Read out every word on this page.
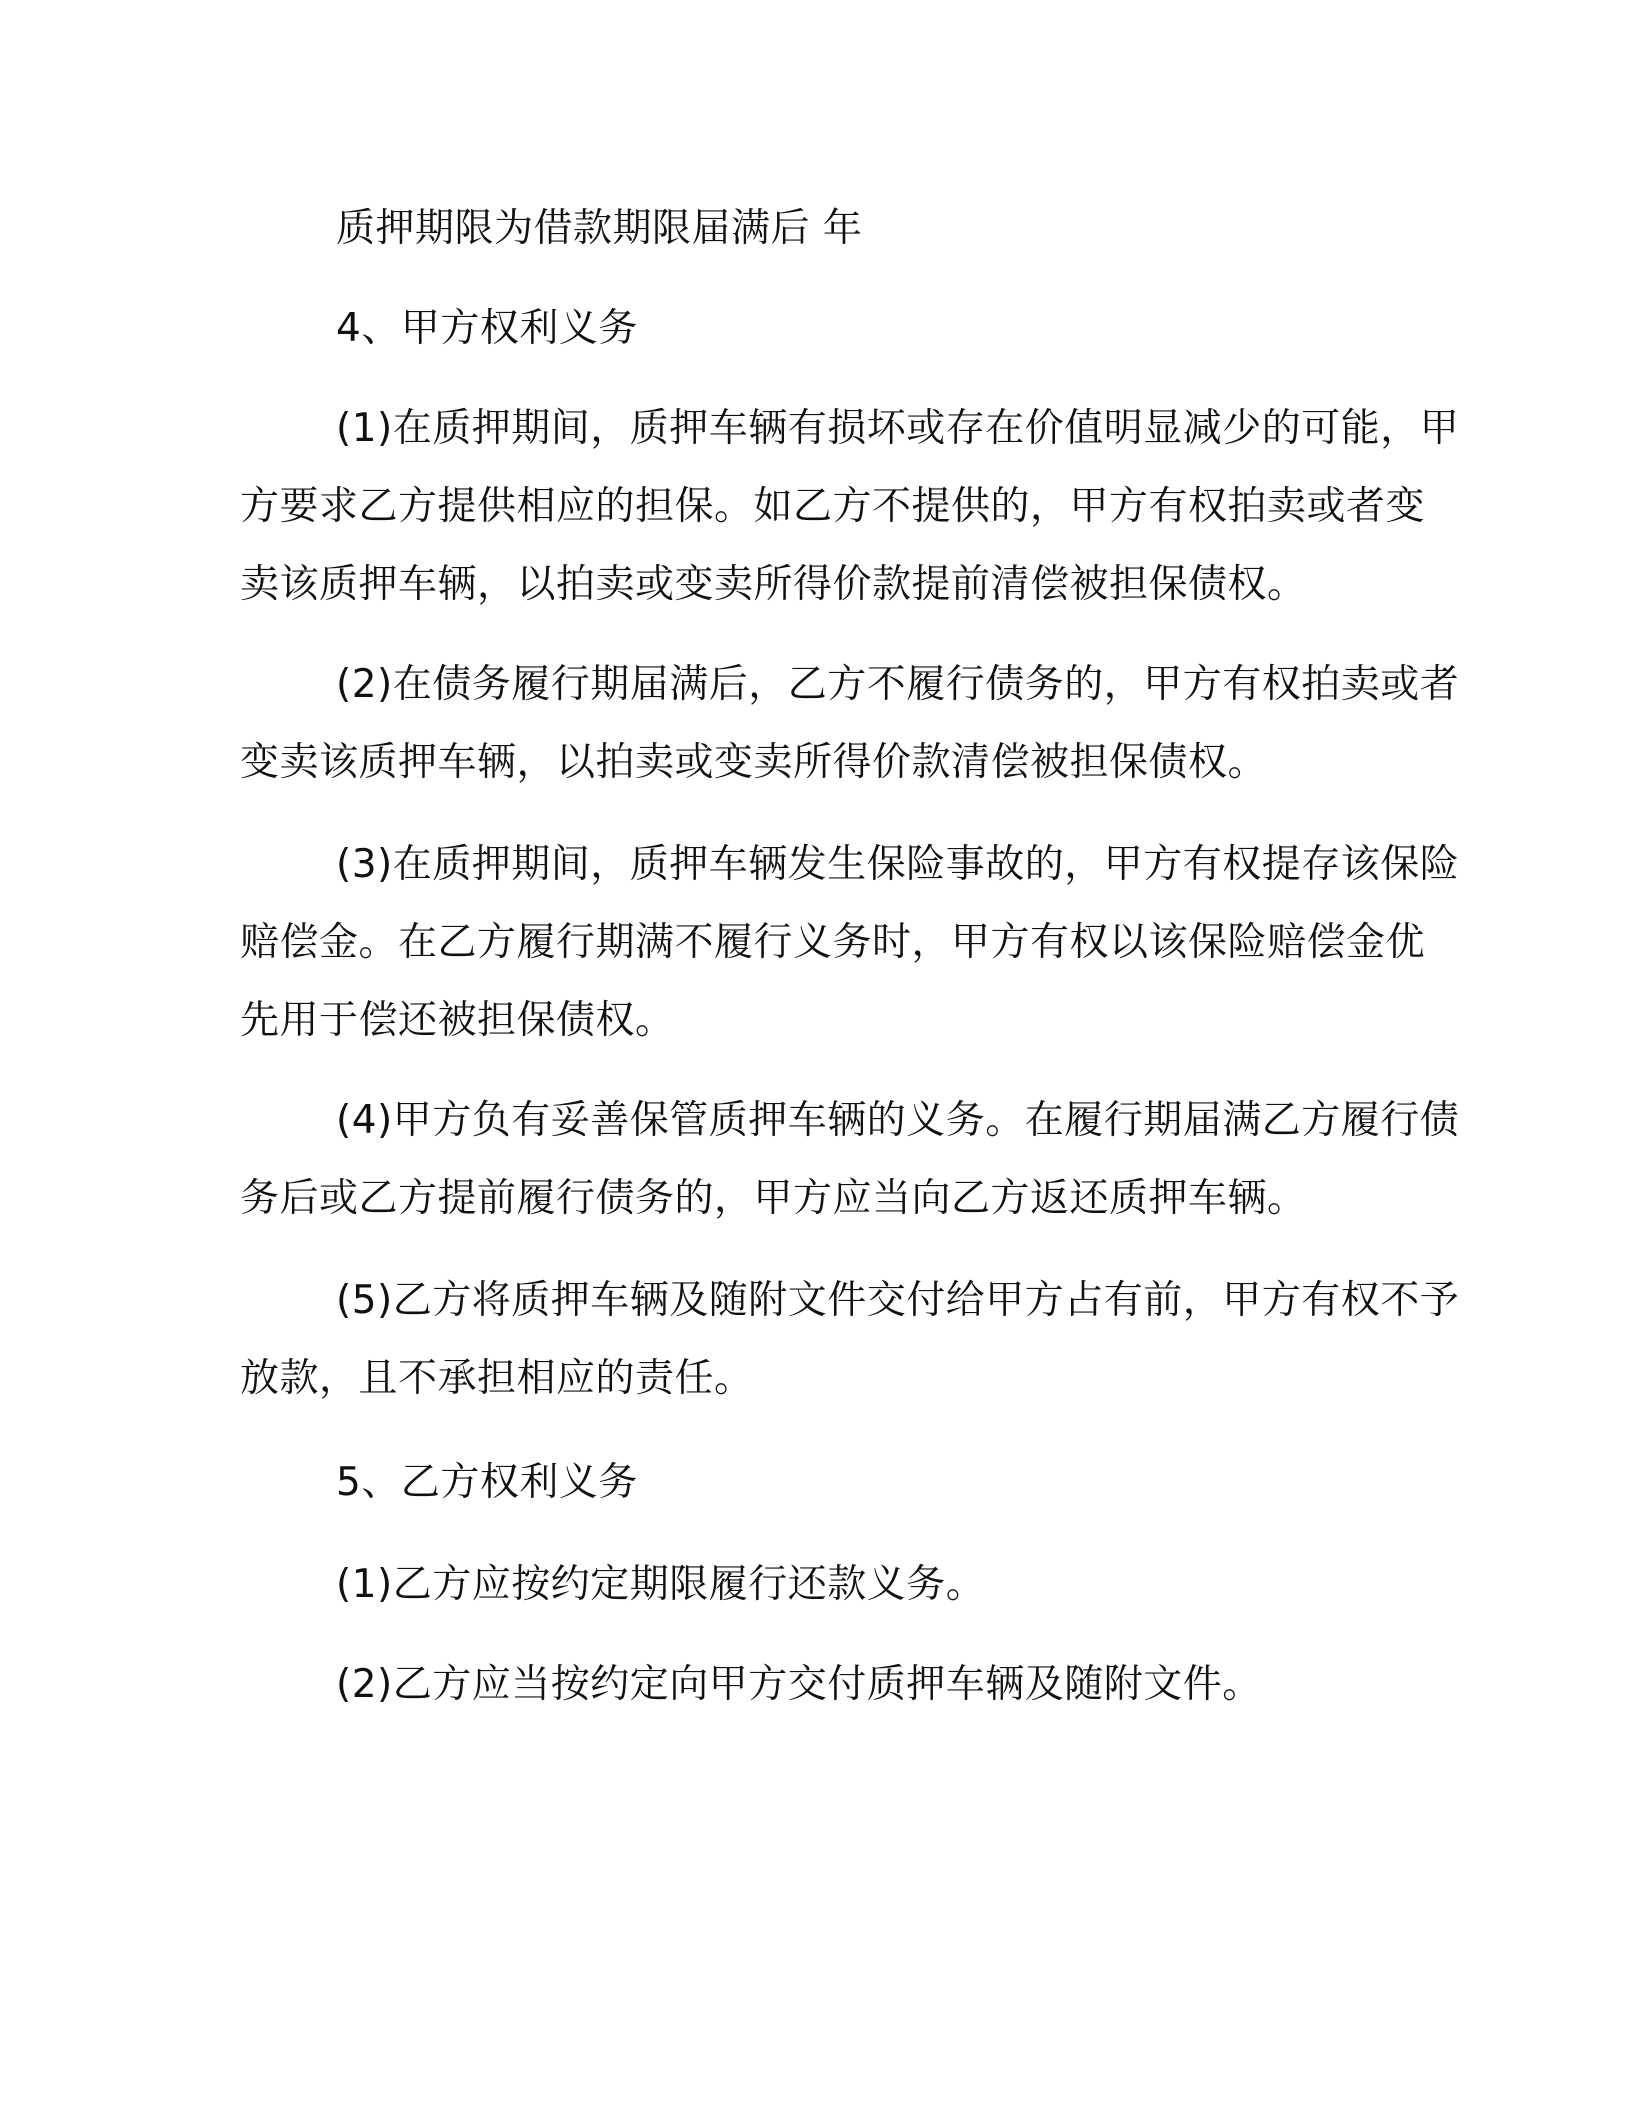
质押期限为借款期限届满后 年
4、甲方权利义务
(1)在质押期间，质押车辆有损坏或存在价值明显减少的可能，甲
方要求乙方提供相应的担保。如乙方不提供的，甲方有权拍卖或者变
卖该质押车辆，以拍卖或变卖所得价款提前清偿被担保债权。
(2)在债务履行期届满后，乙方不履行债务的，甲方有权拍卖或者
变卖该质押车辆，以拍卖或变卖所得价款清偿被担保债权。
(3)在质押期间，质押车辆发生保险事故的，甲方有权提存该保险
赔偿金。在乙方履行期满不履行义务时，甲方有权以该保险赔偿金优
先用于偿还被担保债权。
(4)甲方负有妥善保管质押车辆的义务。在履行期届满乙方履行债
务后或乙方提前履行债务的，甲方应当向乙方返还质押车辆。
(5)乙方将质押车辆及随附文件交付给甲方占有前，甲方有权不予
放款，且不承担相应的责任。
5、乙方权利义务
(1)乙方应按约定期限履行还款义务。
(2)乙方应当按约定向甲方交付质押车辆及随附文件。
